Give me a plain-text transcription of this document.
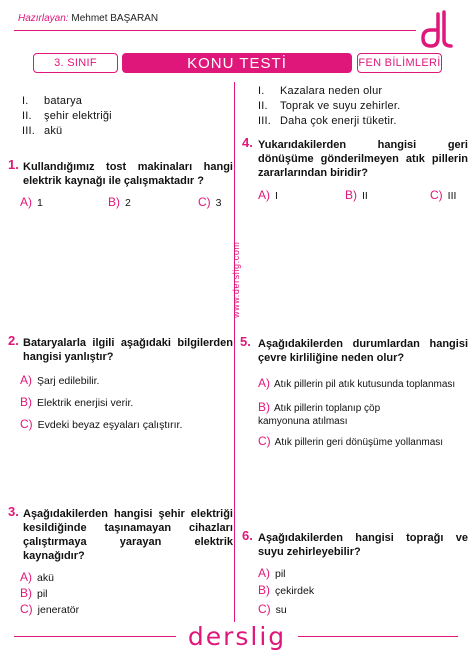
Hazırlayan: Mehmet BAŞARAN
3. SINIF	KONU TESTİ	FEN BİLİMLERİ
www.derslig.com
I. batarya
II. şehir elektriği
III. akü
I. Kazalara neden olur
II. Toprak ve suyu zehirler.
III. Daha çok enerji tüketir.
1. Kullandığımız tost makinaları hangi elektrik kaynağı ile çalışmaktadır ?
A) 1	B) 2	C) 3
2. Bataryalarla ilgili aşağıdaki bilgilerden hangisi yanlıştır?
A) Şarj edilebilir.
B) Elektrik enerjisi verir.
C) Evdeki beyaz eşyaları çalıştırır.
3. Aşağıdakilerden hangisi şehir elektriği kesildiğinde taşınamayan cihazları çalıştırmaya yarayan elektrik kaynağıdır?
A) akü
B) pil
C) jeneratör
4. Yukarıdakilerden hangisi geri dönüşüme gönderilmeyen atık pillerin zararlarından biridir?
A) I	B) II	C) III
5. Aşağıdakilerden durumlardan hangisi çevre kirliliğine neden olur?
A) Atık pillerin pil atık kutusunda toplanması
B) Atık pillerin toplanıp çöp kamyonuna atılması
C) Atık pillerin geri dönüşüme yollanması
6. Aşağıdakilerden hangisi toprağı ve suyu zehirleyebilir?
A) pil
B) çekirdek
C) su
derslig
